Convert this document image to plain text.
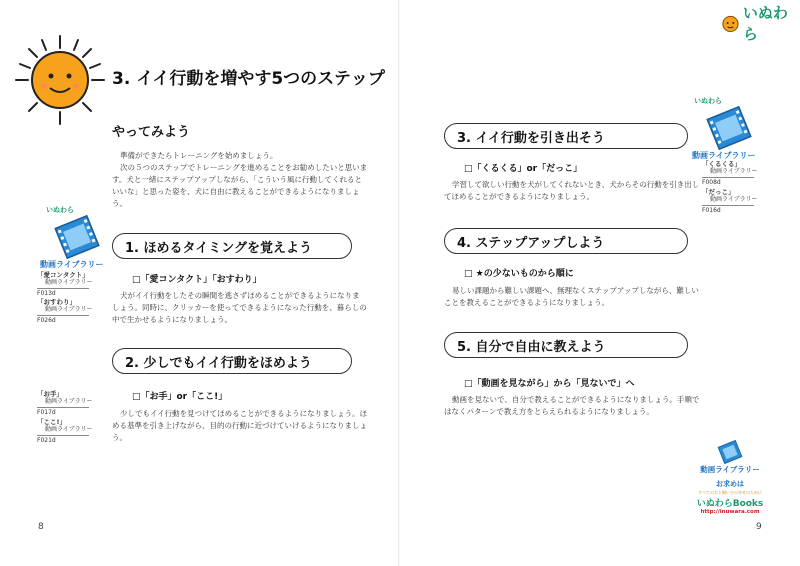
3. イイ行動を増やす5つのステップ
やってみよう

準備ができたらトレーニングを始めましょう。

次の５つのステップでトレーニングを進めることをお勧めしたいと思いま

す。犬と一緒にステップアップしながら、「こういう風に行動してくれると

いいな」と思った姿を、犬に自由に教えることができるようになりましょう。

いぬわら
動画ライブラリー
1. ほめるタイミングを覚えよう
□「愛コンタクト」「おすわり」

犬がイイ行動をしたその瞬間を逃さずほめることができるようになりま

しょう。同時に、クリッカーを使ってできるようになった行動を、暮らしの

中で生かせるようになりましょう。

「愛コンタクト」
動画ライブラリー
F013d
「おすわり」
動画ライブラリー
F026d
2. 少しでもイイ行動をほめよう
□「お手」or「ここ!」

少しでもイイ行動を見つけてほめることができるようになりましょう。ほ

める基準を引き上げながら、目的の行動に近づけていけるようになりましょ

う。

「お手」
動画ライブラリー
F017d
「ここ!」
動画ライブラリー
F021d
8
いぬわら
いぬわら
動画ライブラリー
「くるくる」
動画ライブラリー
F008d
「だっこ」
動画ライブラリー
F016d
3. イイ行動を引き出そう
□「くるくる」or「だっこ」

学習して欲しい行動を犬がしてくれないとき、犬からその行動を引き出し

てほめることができるようになりましょう。

4. ステップアップしよう
□ ★の少ないものから順に

易しい課題から難しい課題へ、無理なくステップアップしながら、難しい

ことを教えることができるようになりましょう。

5. 自分で自由に教えよう
□「動画を見ながら」から「見ないで」へ

動画を見ないで、自分で教えることができるようになりましょう。手順で

はなくパターンで教え方をとらえられるようになりましょう。

動画ライブラリー
お求めは
すべての犬と飼い主の幸せのために
いぬわらBooks
http://inuwara.com
9
